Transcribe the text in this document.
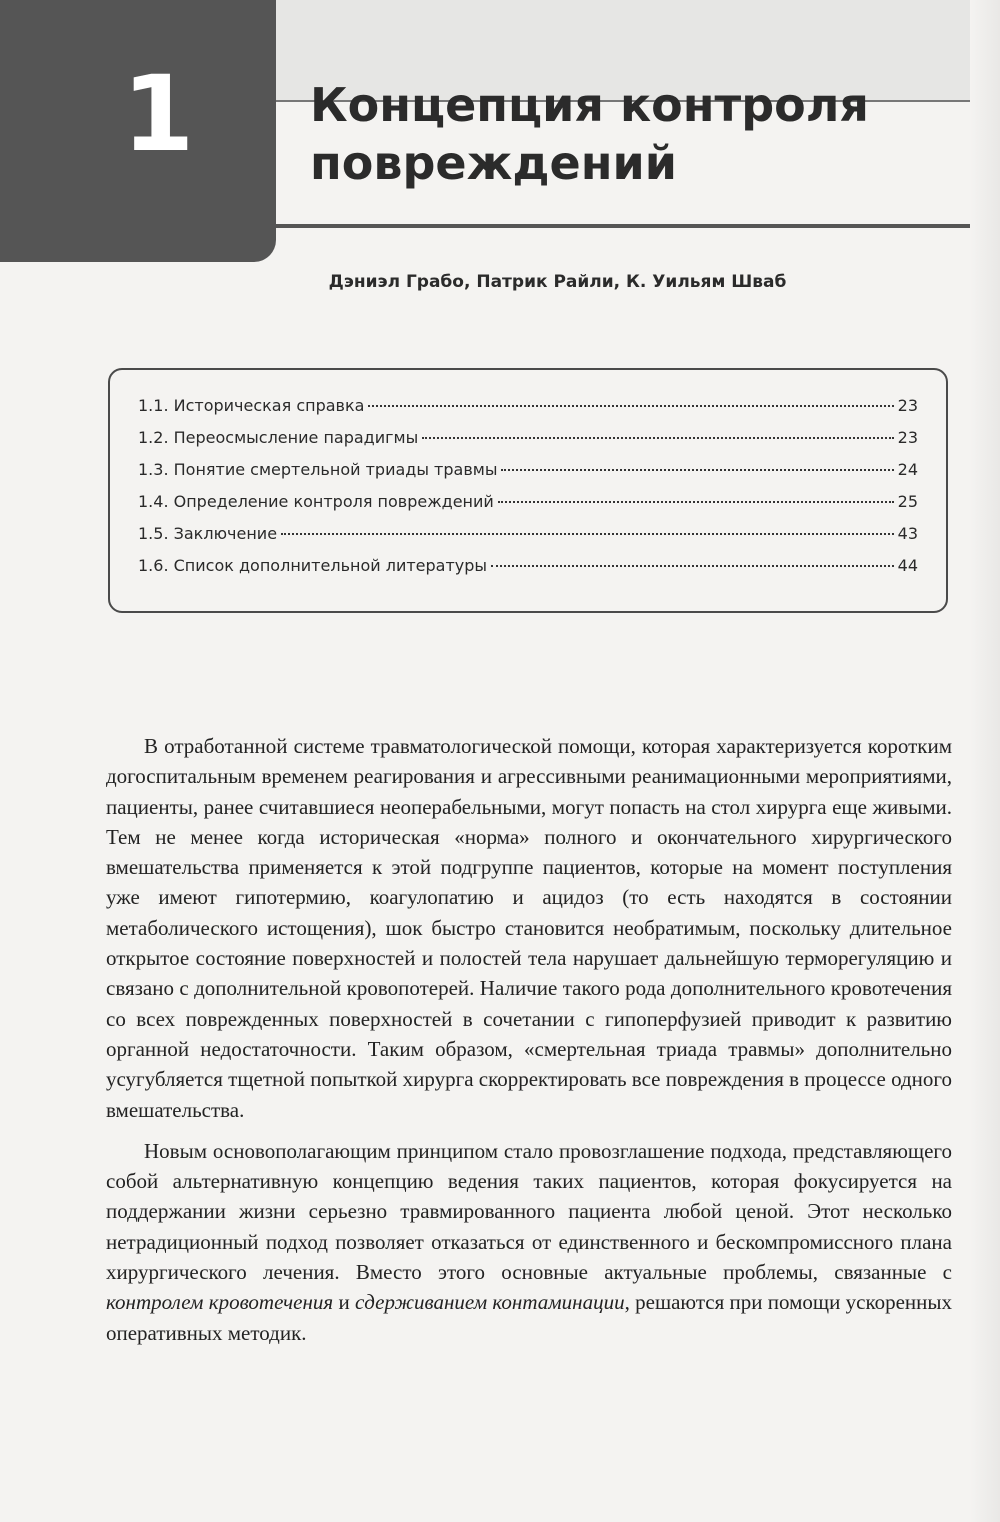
1	Концепция контроля
повреждений
Дэниэл Грабо, Патрик Райли, К. Уильям Шваб
1.1. Историческая справка	23
1.2. Переосмысление парадигмы	23
1.3. Понятие смертельной триады травмы	24
1.4. Определение контроля повреждений	25
1.5. Заключение	43
1.6. Список дополнительной литературы	44

В отработанной системе травматологической помощи, которая характеризуется коротким догоспитальным временем реагирования и агрессивными реанимационными мероприятиями, пациенты, ранее считавшиеся неоперабельными, могут попасть на стол хирурга еще живыми. Тем не менее когда историческая «норма» полного и окончательного хирургического вмешательства применяется к этой подгруппе пациентов, которые на момент поступления уже имеют гипотермию, коагулопатию и ацидоз (то есть находятся в состоянии метаболического истощения), шок быстро становится необратимым, поскольку длительное открытое состояние поверхностей и полостей тела нарушает дальнейшую терморегуляцию и связано с дополнительной кровопотерей. Наличие такого рода дополнительного кровотечения со всех поврежденных поверхностей в сочетании с гипоперфузией приводит к развитию органной недостаточности. Таким образом, «смертельная триада травмы» дополнительно усугубляется тщетной попыткой хирурга скорректировать все повреждения в процессе одного вмешательства.

Новым основополагающим принципом стало провозглашение подхода, представляющего собой альтернативную концепцию ведения таких пациентов, которая фокусируется на поддержании жизни серьезно травмированного пациента любой ценой. Этот несколько нетрадиционный подход позволяет отказаться от единственного и бескомпромиссного плана хирургического лечения. Вместо этого основные актуальные проблемы, связанные с контролем кровотечения и сдерживанием контаминации, решаются при помощи ускоренных оперативных методик.
